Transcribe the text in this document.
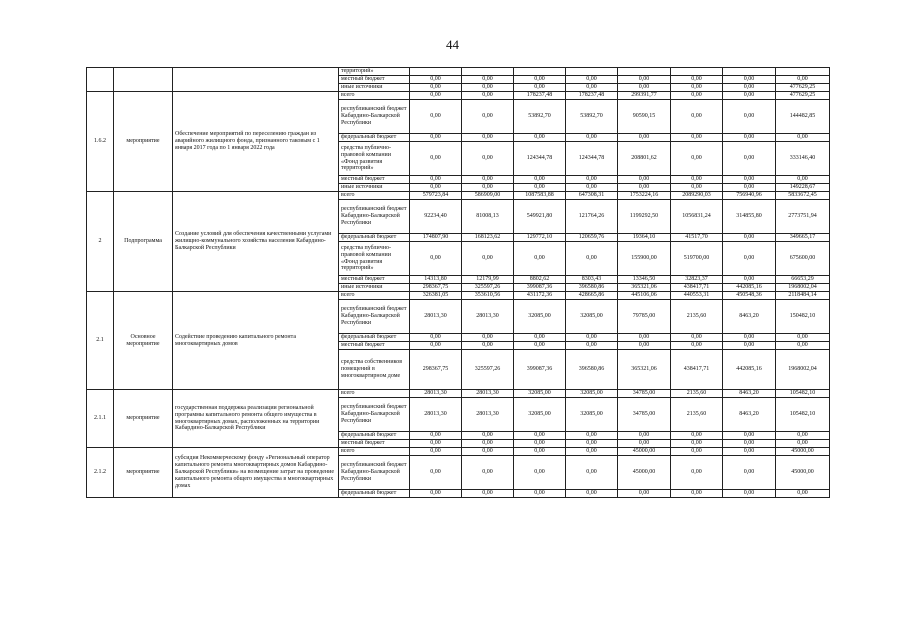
44
			территорий»								
			местный бюджет	0,00	0,00	0,00	0,00	0,00	0,00	0,00	0,00
			иные источники	0,00	0,00	0,00	0,00	0,00	0,00	0,00	477629,25
1.6.2	мероприятие	Обеспечение мероприятий по переселению граждан из аварийного жилищного фонда, признанного таковым с 1 января 2017 года по 1 января 2022 года	всего	0,00	0,00	178237,48	178237,48	299391,77	0,00	0,00	477629,25
			республиканский бюджет Кабардино-Балкарской Республики	0,00	0,00	53892,70	53892,70	90590,15	0,00	0,00	144482,85
			федеральный бюджет	0,00	0,00	0,00	0,00	0,00	0,00	0,00	0,00
			средства публично-правовой компании «Фонд развития территорий»	0,00	0,00	124344,78	124344,78	208801,62	0,00	0,00	333146,40
			местный бюджет	0,00	0,00	0,00	0,00	0,00	0,00	0,00	0,00
			иные источники	0,00	0,00	0,00	0,00	0,00	0,00	0,00	149228,67
2	Подпрограмма	Создание условий для обеспечения качественными услугами жилищно-коммунального хозяйства населения Кабардино-Балкарской Республики	всего	579723,84	586909,00	1087583,88	647308,31	1753224,16	2089290,03	756940,96	5833672,45
			республиканский бюджет Кабардино-Балкарской Республики	92234,40	81008,13	549921,80	121764,26	1199292,50	1056831,24	314855,80	2773751,94
			федеральный бюджет	174807,90	168123,62	129772,10	120659,76	19364,10	41517,70	0,00	349665,17
			средства публично-правовой компании «Фонд развития территорий»	0,00	0,00	0,00	0,00	155900,00	519700,00	0,00	675600,00
			местный бюджет	14313,80	12179,99	8802,62	8303,43	13346,50	32823,37	0,00	66653,29
			иные источники	298367,75	325597,26	399087,36	396580,86	365321,06	438417,71	442085,16	1968002,04
2.1	Основное мероприятие	Содействие проведению капитального ремонта многоквартирных домов	всего	326381,05	353610,56	431172,36	428665,86	445106,06	440553,31	450548,36	2118484,14
			республиканский бюджет Кабардино-Балкарской Республики	28013,30	28013,30	32085,00	32085,00	79785,00	2135,60	8463,20	150482,10
			федеральный бюджет	0,00	0,00	0,00	0,00	0,00	0,00	0,00	0,00
			местный бюджет	0,00	0,00	0,00	0,00	0,00	0,00	0,00	0,00
			средства собственников помещений в многоквартирном доме	298367,75	325597,26	399087,36	396580,86	365321,06	438417,71	442085,16	1968002,04
2.1.1	мероприятие	государственная поддержка реализации региональной программы капитального ремонта общего имущества в многоквартирных домах, расположенных на территории Кабардино-Балкарской Республики	всего	28013,30	28013,30	32085,00	32085,00	34785,00	2135,60	8463,20	105482,10
			республиканский бюджет Кабардино-Балкарской Республики	28013,30	28013,30	32085,00	32085,00	34785,00	2135,60	8463,20	105482,10
			федеральный бюджет	0,00	0,00	0,00	0,00	0,00	0,00	0,00	0,00
			местный бюджет	0,00	0,00	0,00	0,00	0,00	0,00	0,00	0,00
2.1.2	мероприятие	субсидия Некоммерческому фонду «Региональный оператор капитального ремонта многоквартирных домов Кабардино-Балкарской Республики» на возмещение затрат на проведение капитального ремонта общего имущества в многоквартирных домах	всего	0,00	0,00	0,00	0,00	45000,00	0,00	0,00	45000,00
			республиканский бюджет Кабардино-Балкарской Республики	0,00	0,00	0,00	0,00	45000,00	0,00	0,00	45000,00
			федеральный бюджет	0,00	0,00	0,00	0,00	0,00	0,00	0,00	0,00
